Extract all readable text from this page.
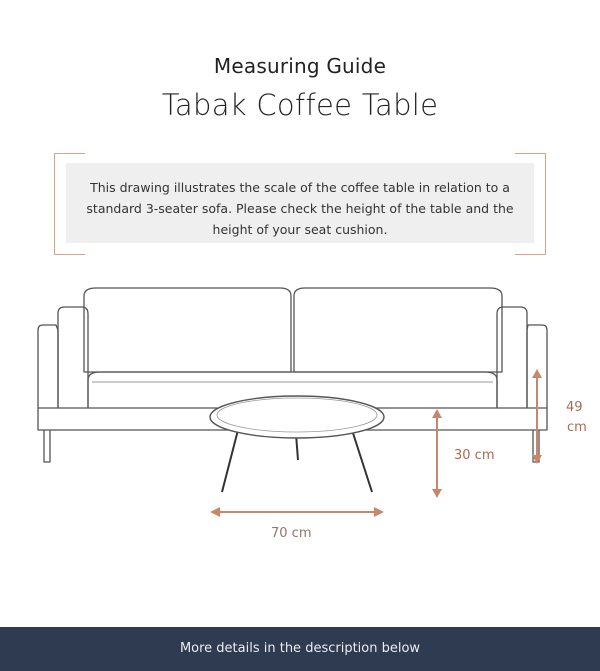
Measuring Guide
Tabak Coffee Table
This drawing illustrates the scale of the coffee table in relation to a standard 3-seater sofa. Please check the height of the table and the height of your seat cushion.
49
cm
30 cm
70 cm
More details in the description below
